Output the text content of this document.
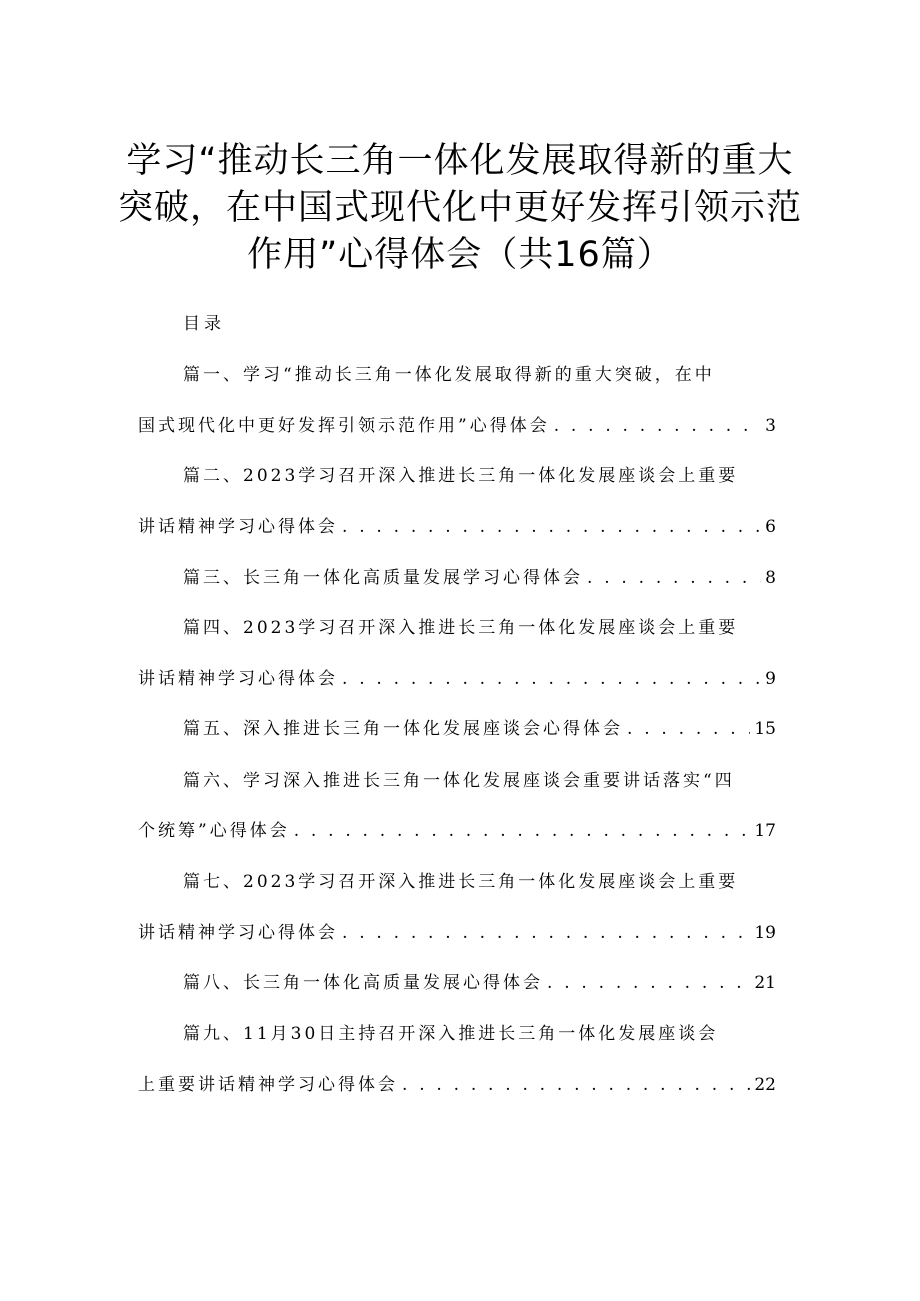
学习“推动长三角一体化发展取得新的重大
突破，在中国式现代化中更好发挥引领示范
作用”心得体会（共16篇）
目录
篇一、学习“推动长三角一体化发展取得新的重大突破，在中
国式现代化中更好发挥引领示范作用”心得体会 . . .	3
篇二、2023学习召开深入推进长三角一体化发展座谈会上重要
讲话精神学习心得体会 . . .	6
篇三、长三角一体化高质量发展学习心得体会 . . .	8
篇四、2023学习召开深入推进长三角一体化发展座谈会上重要
讲话精神学习心得体会 . . .	9
篇五、深入推进长三角一体化发展座谈会心得体会 . . .	15
篇六、学习深入推进长三角一体化发展座谈会重要讲话落实“四
个统筹”心得体会 . . .	17
篇七、2023学习召开深入推进长三角一体化发展座谈会上重要
讲话精神学习心得体会 . . .	19
篇八、长三角一体化高质量发展心得体会 . . .	21
篇九、11月30日主持召开深入推进长三角一体化发展座谈会
上重要讲话精神学习心得体会 . . .	22
